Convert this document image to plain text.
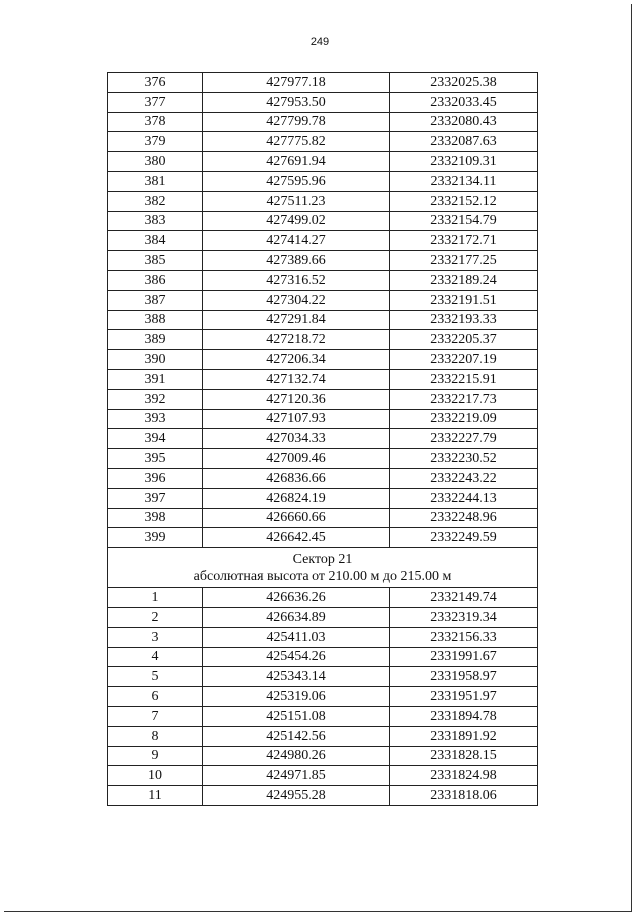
249
376	427977.18	2332025.38
377	427953.50	2332033.45
378	427799.78	2332080.43
379	427775.82	2332087.63
380	427691.94	2332109.31
381	427595.96	2332134.11
382	427511.23	2332152.12
383	427499.02	2332154.79
384	427414.27	2332172.71
385	427389.66	2332177.25
386	427316.52	2332189.24
387	427304.22	2332191.51
388	427291.84	2332193.33
389	427218.72	2332205.37
390	427206.34	2332207.19
391	427132.74	2332215.91
392	427120.36	2332217.73
393	427107.93	2332219.09
394	427034.33	2332227.79
395	427009.46	2332230.52
396	426836.66	2332243.22
397	426824.19	2332244.13
398	426660.66	2332248.96
399	426642.45	2332249.59

Сектор 21
абсолютная высота от 210.00 м до 215.00 м		

1	426636.26	2332149.74
2	426634.89	2332319.34
3	425411.03	2332156.33
4	425454.26	2331991.67
5	425343.14	2331958.97
6	425319.06	2331951.97
7	425151.08	2331894.78
8	425142.56	2331891.92
9	424980.26	2331828.15
10	424971.85	2331824.98
11	424955.28	2331818.06
